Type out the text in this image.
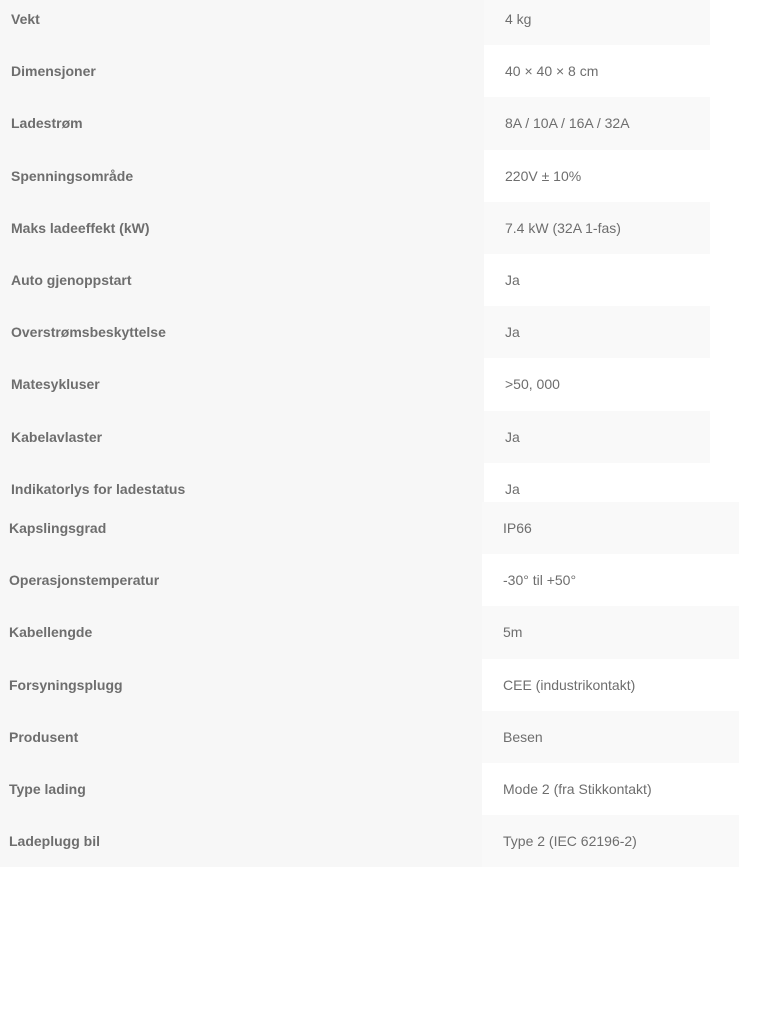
Vekt	4 kg
Dimensjoner	40 × 40 × 8 cm
Ladestrøm	8A / 10A / 16A / 32A
Spenningsområde	220V ± 10%
Maks ladeeffekt (kW)	7.4 kW (32A 1-fas)
Auto gjenoppstart	Ja
Overstrømsbeskyttelse	Ja
Matesykluser	>50, 000
Kabelavlaster	Ja
Indikatorlys for ladestatus	Ja
Kapslingsgrad	IP66
Operasjonstemperatur	-30° til +50°
Kabellengde	5m
Forsyningsplugg	CEE (industrikontakt)
Produsent	Besen
Type lading	Mode 2 (fra Stikkontakt)
Ladeplugg bil	Type 2 (IEC 62196-2)
